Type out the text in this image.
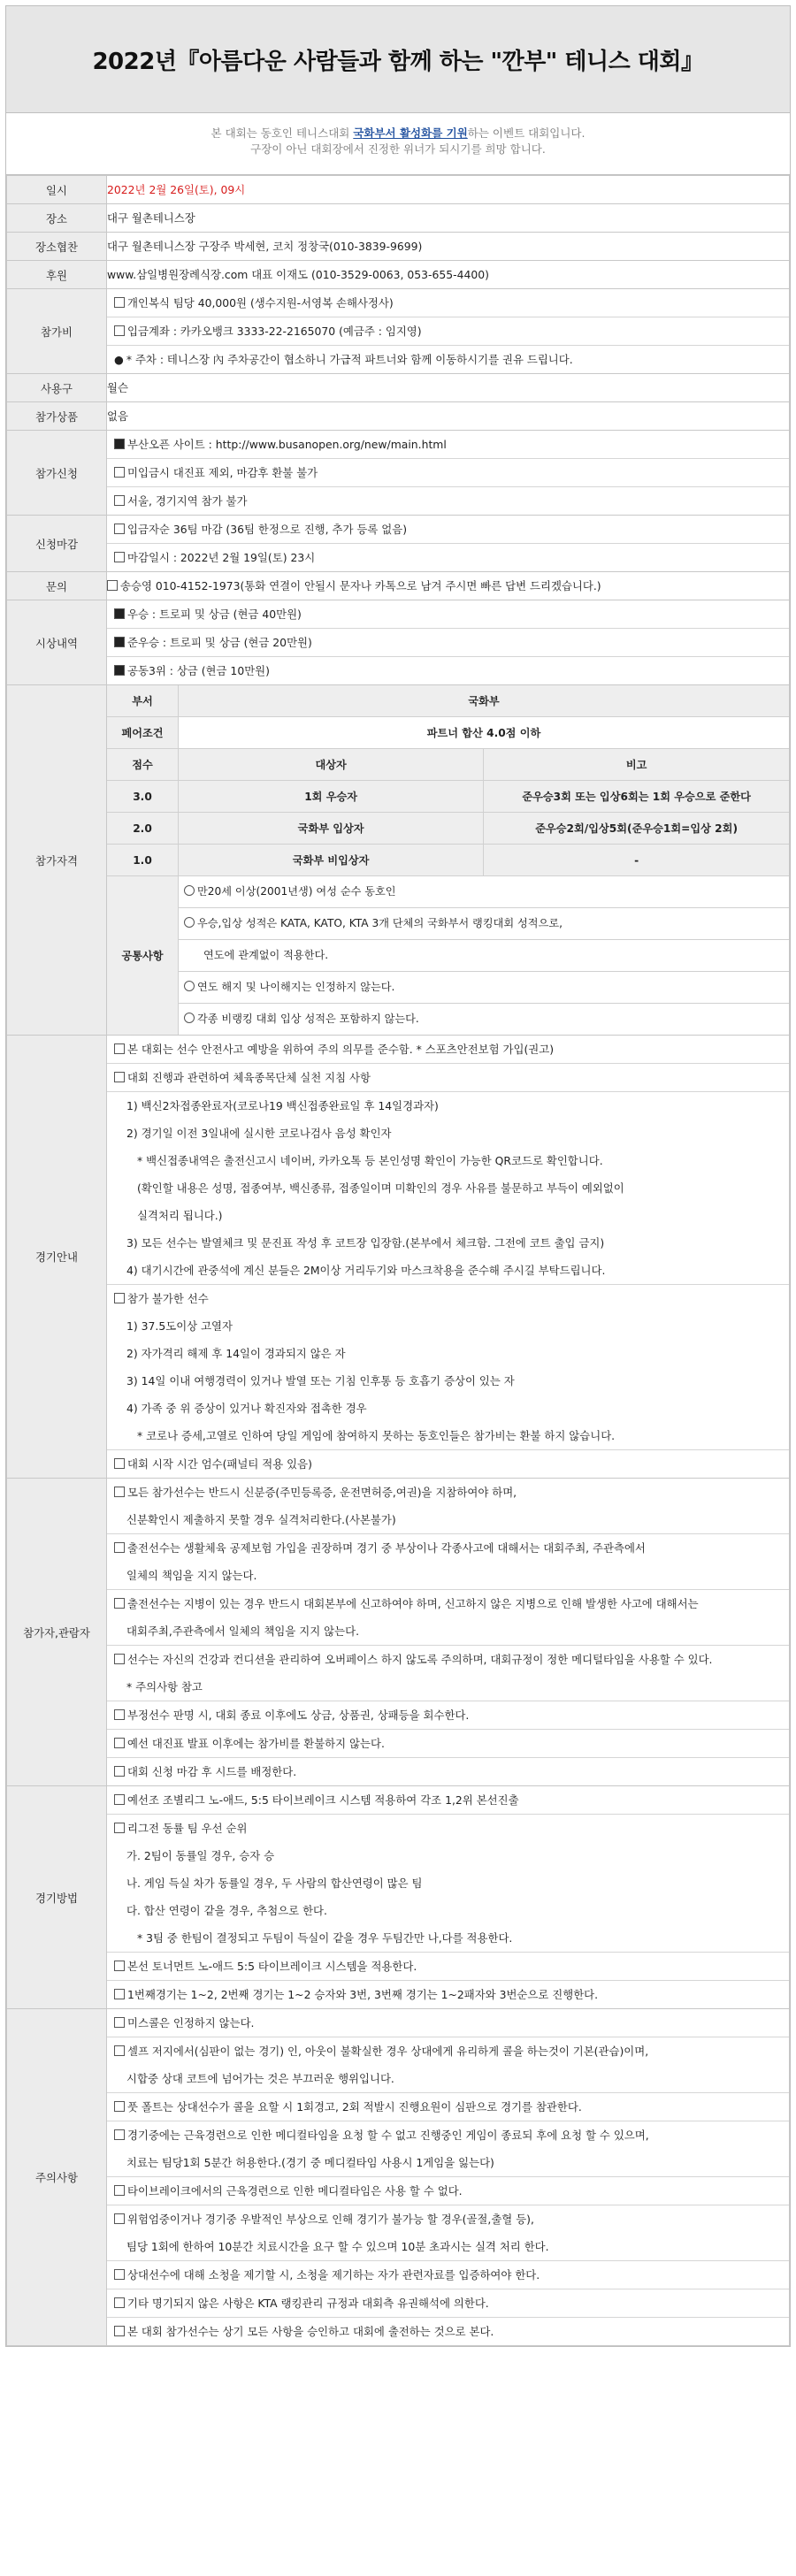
2022년『아름다운 사람들과 함께 하는 "깐부" 테니스 대회』
본 대회는 동호인 테니스대회 국화부서 활성화를 기원하는 이벤트 대회입니다.
구장이 아닌 대회장에서 진정한 위너가 되시기를 희망 합니다.
일시	2022년 2월 26일(토), 09시
장소	대구 월촌테니스장
장소협찬	대구 월촌테니스장 구장주 박세현, 코치 정창국(010-3839-9699)
후원	www.삼일병원장례식장.com 대표 이재도 (010-3529-0063, 053-655-4400)
참가비	
개인복식 팀당 40,000원 (생수지원-서영복 손해사정사)
입금계좌 : 카카오뱅크 3333-22-2165070 (예금주 : 임지영)
● * 주차 : 테니스장 內 주차공간이 협소하니 가급적 파트너와 함께 이동하시기를 권유 드립니다.

사용구	월슨
참가상품	없음
참가신청	
부산오픈 사이트 : http://www.busanopen.org/new/main.html
미입금시 대진표 제외, 마감후 환불 불가
서울, 경기지역 참가 불가

신청마감	
입금자순 36팀 마감 (36팀 한정으로 진행, 추가 등록 없음)
마감일시 : 2022년 2월 19일(토) 23시

문의	송승영 010-4152-1973(통화 연결이 안될시 문자나 카톡으로 남겨 주시면 빠른 답변 드리겠습니다.)
시상내역	
우승 : 트로피 및 상금 (현금 40만원)
준우승 : 트로피 및 상금 (현금 20만원)
공동3위 : 상금 (현금 10만원)

참가자격	
부서	국화부
페어조건	파트너 합산 4.0점 이하
점수	대상자	비고
3.0	1회 우승자	준우승3회 또는 입상6회는 1회 우승으로 준한다
2.0	국화부 입상자	준우승2회/입상5회(준우승1회=입상 2회)
1.0	국화부 비입상자	-
공통사항	
만20세 이상(2001년생) 여성 순수 동호인
우승,입상 성적은 KATA, KATO, KTA 3개 단체의 국화부서 랭킹대회 성적으로,
연도에 관계없이 적용한다.
연도 해지 및 나이해지는 인정하지 않는다.
각종 비랭킹 대회 입상 성적은 포함하지 않는다.

경기안내	
본 대회는 선수 안전사고 예방을 위하여 주의 의무를 준수함. * 스포츠안전보험 가입(권고)
대회 진행과 관련하여 체육종목단체 실천 지침 사항
1) 백신2차접종완료자(코로나19 백신접종완료일 후 14일경과자)
2) 경기일 이전 3일내에 실시한 코로나검사 음성 확인자
* 백신접종내역은 출전신고시 네이버, 카카오톡 등 본인성명 확인이 가능한 QR코드로 확인합니다.
(확인할 내용은 성명, 접종여부, 백신종류, 접종일이며 미확인의 경우 사유를 불문하고 부득이 예외없이
실격처리 됩니다.)
3) 모든 선수는 발열체크 및 문진표 작성 후 코트장 입장함.(본부에서 체크함. 그전에 코트 출입 금지)
4) 대기시간에 관중석에 계신 분들은 2M이상 거리두기와 마스크착용을 준수해 주시길 부탁드립니다.
참가 불가한 선수
1) 37.5도이상 고열자
2) 자가격리 해제 후 14일이 경과되지 않은 자
3) 14일 이내 여행경력이 있거나 발열 또는 기침 인후통 등 호흡기 증상이 있는 자
4) 가족 중 위 증상이 있거나 확진자와 접촉한 경우
* 코로나 증세,고열로 인하여 당일 게임에 참여하지 못하는 동호인들은 참가비는 환불 하지 않습니다.
대회 시작 시간 엄수(패널티 적용 있음)

참가자,관람자	
모든 참가선수는 반드시 신분증(주민등록증, 운전면허증,여권)을 지참하여야 하며,
신분확인시 제출하지 못할 경우 실격처리한다.(사본불가)
출전선수는 생활체육 공제보험 가입을 권장하며 경기 중 부상이나 각종사고에 대해서는 대회주최, 주관측에서
일체의 책임을 지지 않는다.
출전선수는 지병이 있는 경우 반드시 대회본부에 신고하여야 하며, 신고하지 않은 지병으로 인해 발생한 사고에 대해서는
대회주최,주관측에서 일체의 책임을 지지 않는다.
선수는 자신의 건강과 컨디션을 관리하여 오버페이스 하지 않도록 주의하며, 대회규정이 정한 메디털타임을 사용할 수 있다.
* 주의사항 참고
부정선수 판명 시, 대회 종료 이후에도 상금, 상품권, 상패등을 회수한다.
예선 대진표 발표 이후에는 참가비를 환불하지 않는다.
대회 신청 마감 후 시드를 배정한다.

경기방법	
예선조 조별리그 노-애드, 5:5 타이브레이크 시스템 적용하여 각조 1,2위 본선진출
리그전 동률 팀 우선 순위
가. 2팀이 동률일 경우, 승자 승
나. 게임 득실 차가 동률일 경우, 두 사람의 합산연령이 많은 팀
다. 합산 연령이 같을 경우, 추첨으로 한다.
* 3팀 중 한팀이 결정되고 두팀이 득실이 같을 경우 두팀간만 나,다를 적용한다.
본선 토너먼트 노-애드 5:5 타이브레이크 시스템을 적용한다.
1번째경기는 1~2, 2번째 경기는 1~2 승자와 3번, 3번째 경기는 1~2패자와 3번순으로 진행한다.

주의사항	
미스콜은 인정하지 않는다.
셀프 저지에서(심판이 없는 경기) 인, 아웃이 불확실한 경우 상대에게 유리하게 콜을 하는것이 기본(관습)이며,
시합중 상대 코트에 넘어가는 것은 부끄러운 행위입니다.
풋 폴트는 상대선수가 콜을 요할 시 1회경고, 2회 적발시 진행요원이 심판으로 경기를 참관한다.
경기중에는 근육경련으로 인한 메디컬타임을 요청 할 수 없고 진행중인 게임이 종료되 후에 요청 할 수 있으며,
치료는 팀당1회 5분간 허용한다.(경기 중 메디컬타임 사용시 1게임을 잃는다)
타이브레이크에서의 근육경련으로 인한 메디컬타임은 사용 할 수 없다.
위험엄중이거나 경기중 우발적인 부상으로 인해 경기가 불가능 할 경우(골절,출혈 등),
팀당 1회에 한하여 10분간 치료시간을 요구 할 수 있으며 10분 초과시는 실격 처리 한다.
상대선수에 대해 소청을 제기할 시, 소청을 제기하는 자가 관련자료를 입증하여야 한다.
기타 명기되지 않은 사항은 KTA 랭킹관리 규정과 대회측 유권해석에 의한다.
본 대회 참가선수는 상기 모든 사항을 승인하고 대회에 출전하는 것으로 본다.
